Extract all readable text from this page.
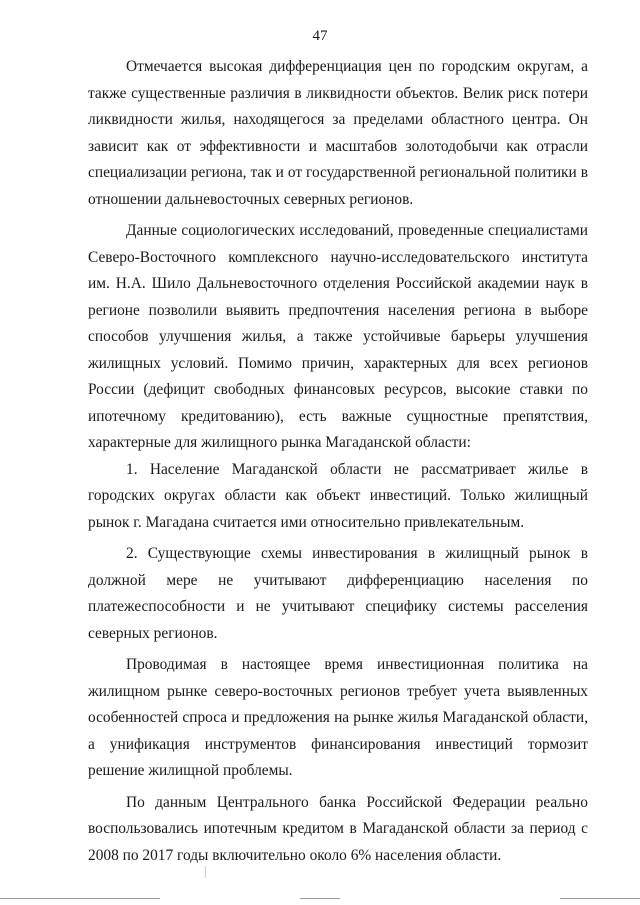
47

Отмечается высокая дифференциация цен по городским округам, а также существенные различия в ликвидности объектов. Велик риск потери ликвидности жилья, находящегося за пределами областного центра. Он зависит как от эффективности и масштабов золотодобычи как отрасли специализации региона, так и от государственной региональной политики в отношении дальневосточных северных регионов.

Данные социологических исследований, проведенные специалистами Северо-Восточного комплексного научно-исследовательского института им. Н.А. Шило Дальневосточного отделения Российской академии наук в регионе позволили выявить предпочтения населения региона в выборе способов улучшения жилья, а также устойчивые барьеры улучшения жилищных условий. Помимо причин, характерных для всех регионов России (дефицит свободных финансовых ресурсов, высокие ставки по ипотечному кредитованию), есть важные сущностные препятствия, характерные для жилищного рынка Магаданской области:

1. Население Магаданской области не рассматривает жилье в городских округах области как объект инвестиций. Только жилищный рынок г. Магадана считается ими относительно привлекательным.

2. Существующие схемы инвестирования в жилищный рынок в должной мере не учитывают дифференциацию населения по платежеспособности и не учитывают специфику системы расселения северных регионов.

Проводимая в настоящее время инвестиционная политика на жилищном рынке северо-восточных регионов требует учета выявленных особенностей спроса и предложения на рынке жилья Магаданской области, а унификация инструментов финансирования инвестиций тормозит решение жилищной проблемы.

По данным Центрального банка Российской Федерации реально воспользовались ипотечным кредитом в Магаданской области за период с 2008 по 2017 годы включительно около 6% населения области.
